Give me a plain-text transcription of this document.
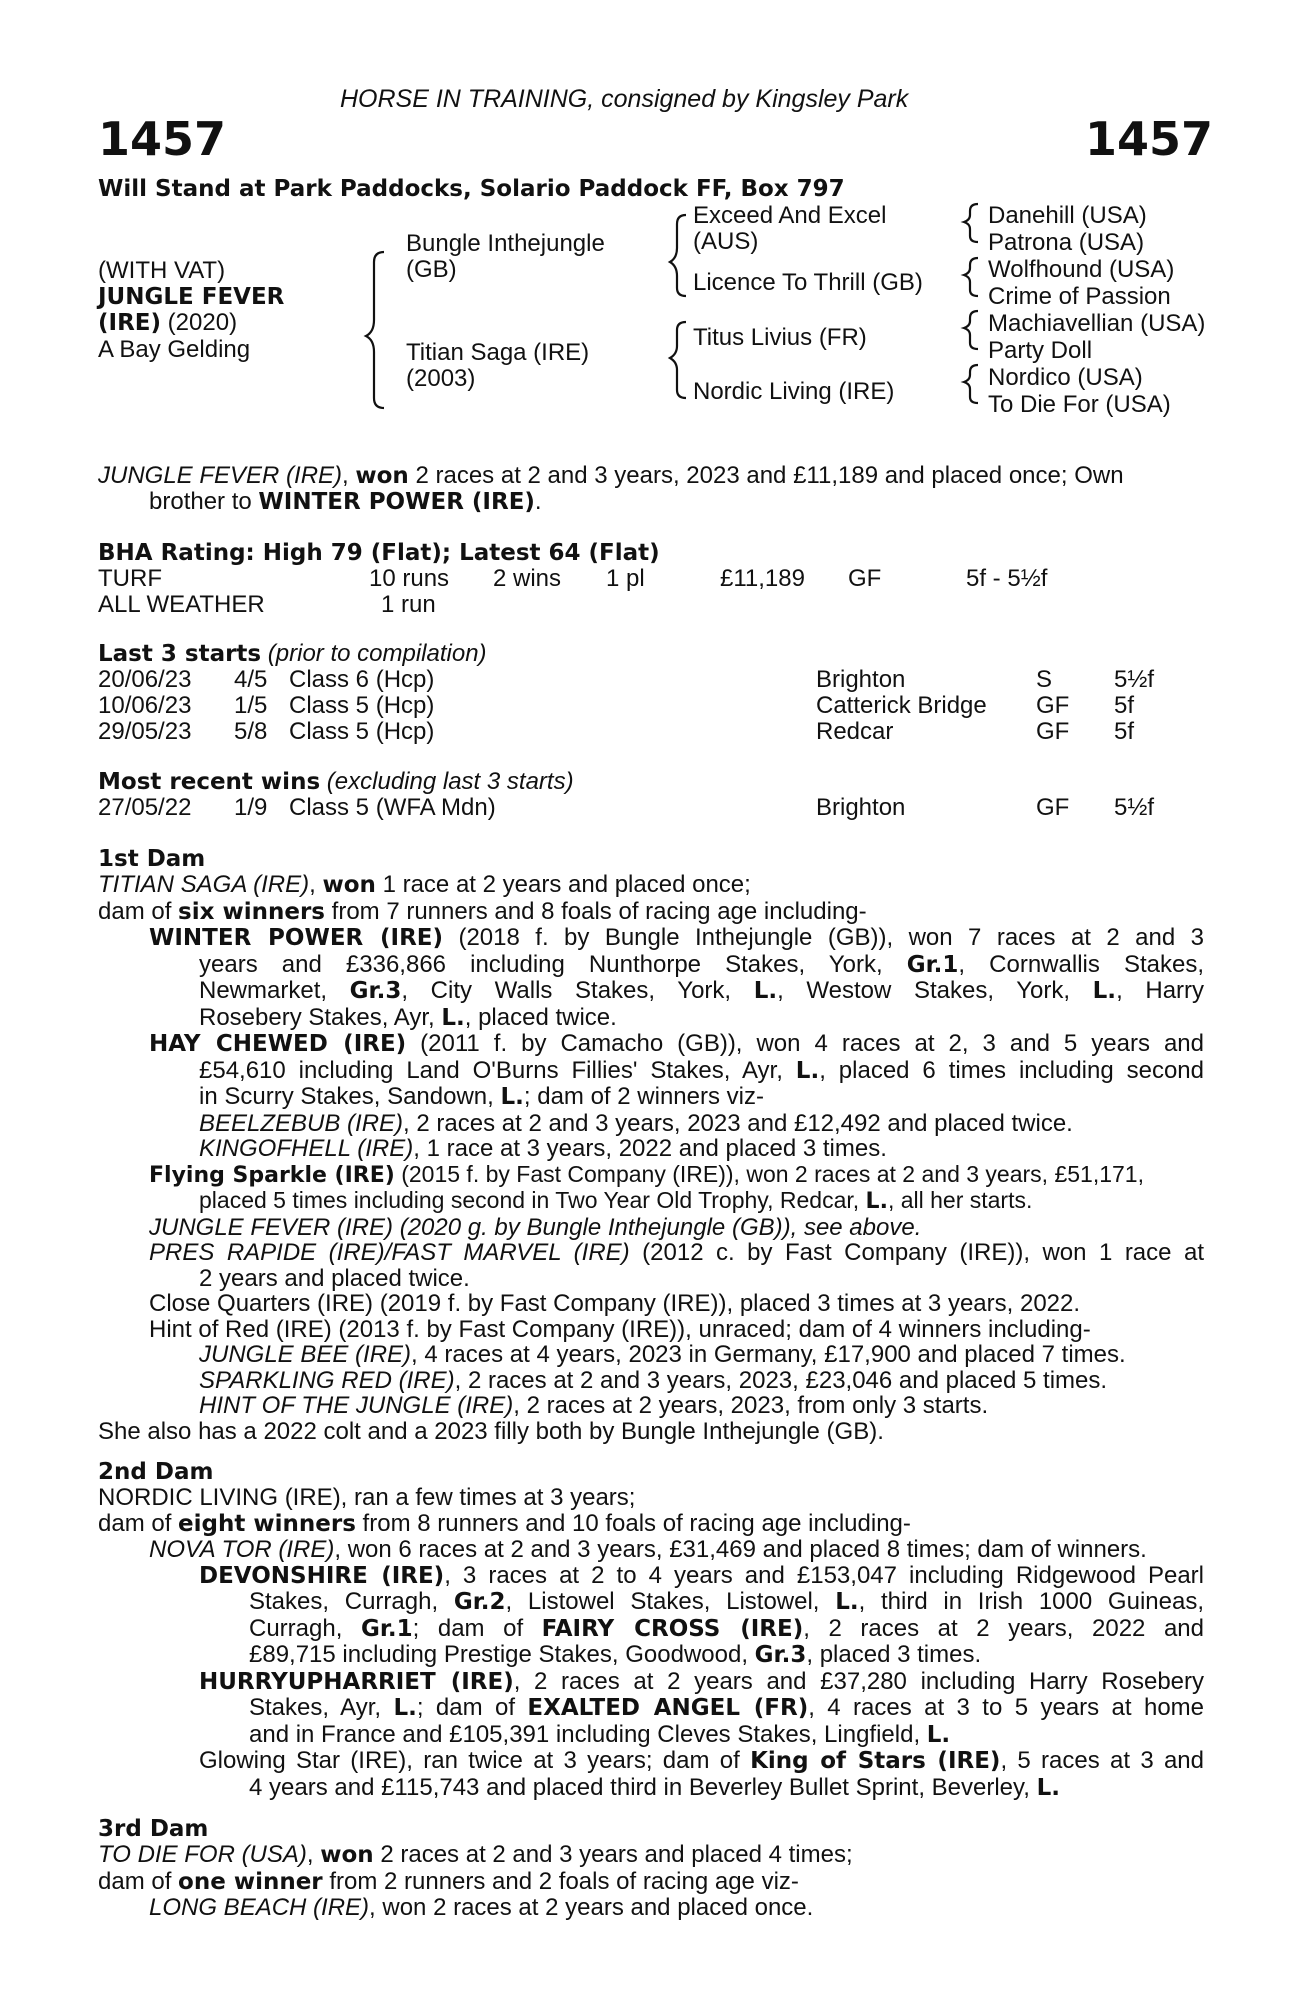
HORSE IN TRAINING, consigned by Kingsley Park
1457	1457
Will Stand at Park Paddocks, Solario Paddock FF, Box 797
(WITH VAT)
JUNGLE FEVER
(IRE) (2020)
A Bay Gelding
Bungle Inthejungle
(GB)
Titian Saga (IRE)
(2003)
Exceed And Excel
(AUS)
Licence To Thrill (GB)
Titus Livius (FR)
Nordic Living (IRE)
Danehill (USA)
Patrona (USA)
Wolfhound (USA)
Crime of Passion
Machiavellian (USA)
Party Doll
Nordico (USA)
To Die For (USA)
JUNGLE FEVER (IRE), won 2 races at 2 and 3 years, 2023 and £11,189 and placed once; Own
brother to WINTER POWER (IRE).
BHA Rating: High 79 (Flat); Latest 64 (Flat)
TURF	10 runs 2 wins 1 pl	£11,189 GF	5f - 5½f
ALL WEATHER	1 run
Last 3 starts (prior to compilation)
20/06/23 4/5 Class 6 (Hcp)	Brighton	S	5½f
10/06/23 1/5 Class 5 (Hcp)	Catterick Bridge GF 5f
29/05/23 5/8 Class 5 (Hcp)	Redcar	GF 5f
Most recent wins (excluding last 3 starts)
27/05/22 1/9 Class 5 (WFA Mdn)	Brighton	GF 5½f
1st Dam
TITIAN SAGA (IRE), won 1 race at 2 years and placed once;
dam of six winners from 7 runners and 8 foals of racing age including-
WINTER POWER (IRE) (2018 f. by Bungle Inthejungle (GB)), won 7 races at 2 and 3
years and £336,866 including Nunthorpe Stakes, York, Gr.1, Cornwallis Stakes,
Newmarket, Gr.3, City Walls Stakes, York, L., Westow Stakes, York, L., Harry
Rosebery Stakes, Ayr, L., placed twice.
HAY CHEWED (IRE) (2011 f. by Camacho (GB)), won 4 races at 2, 3 and 5 years and
£54,610 including Land O'Burns Fillies' Stakes, Ayr, L., placed 6 times including second
in Scurry Stakes, Sandown, L.; dam of 2 winners viz-
BEELZEBUB (IRE), 2 races at 2 and 3 years, 2023 and £12,492 and placed twice.
KINGOFHELL (IRE), 1 race at 3 years, 2022 and placed 3 times.
Flying Sparkle (IRE) (2015 f. by Fast Company (IRE)), won 2 races at 2 and 3 years, £51,171,
placed 5 times including second in Two Year Old Trophy, Redcar, L., all her starts.
JUNGLE FEVER (IRE) (2020 g. by Bungle Inthejungle (GB)), see above.
PRES RAPIDE (IRE)/FAST MARVEL (IRE) (2012 c. by Fast Company (IRE)), won 1 race at
2 years and placed twice.
Close Quarters (IRE) (2019 f. by Fast Company (IRE)), placed 3 times at 3 years, 2022.
Hint of Red (IRE) (2013 f. by Fast Company (IRE)), unraced; dam of 4 winners including-
JUNGLE BEE (IRE), 4 races at 4 years, 2023 in Germany, £17,900 and placed 7 times.
SPARKLING RED (IRE), 2 races at 2 and 3 years, 2023, £23,046 and placed 5 times.
HINT OF THE JUNGLE (IRE), 2 races at 2 years, 2023, from only 3 starts.
She also has a 2022 colt and a 2023 filly both by Bungle Inthejungle (GB).
2nd Dam
NORDIC LIVING (IRE), ran a few times at 3 years;
dam of eight winners from 8 runners and 10 foals of racing age including-
NOVA TOR (IRE), won 6 races at 2 and 3 years, £31,469 and placed 8 times; dam of winners.
DEVONSHIRE (IRE), 3 races at 2 to 4 years and £153,047 including Ridgewood Pearl
Stakes, Curragh, Gr.2, Listowel Stakes, Listowel, L., third in Irish 1000 Guineas,
Curragh, Gr.1; dam of FAIRY CROSS (IRE), 2 races at 2 years, 2022 and
£89,715 including Prestige Stakes, Goodwood, Gr.3, placed 3 times.
HURRYUPHARRIET (IRE), 2 races at 2 years and £37,280 including Harry Rosebery
Stakes, Ayr, L.; dam of EXALTED ANGEL (FR), 4 races at 3 to 5 years at home
and in France and £105,391 including Cleves Stakes, Lingfield, L.
Glowing Star (IRE), ran twice at 3 years; dam of King of Stars (IRE), 5 races at 3 and
4 years and £115,743 and placed third in Beverley Bullet Sprint, Beverley, L.
3rd Dam
TO DIE FOR (USA), won 2 races at 2 and 3 years and placed 4 times;
dam of one winner from 2 runners and 2 foals of racing age viz-
LONG BEACH (IRE), won 2 races at 2 years and placed once.
